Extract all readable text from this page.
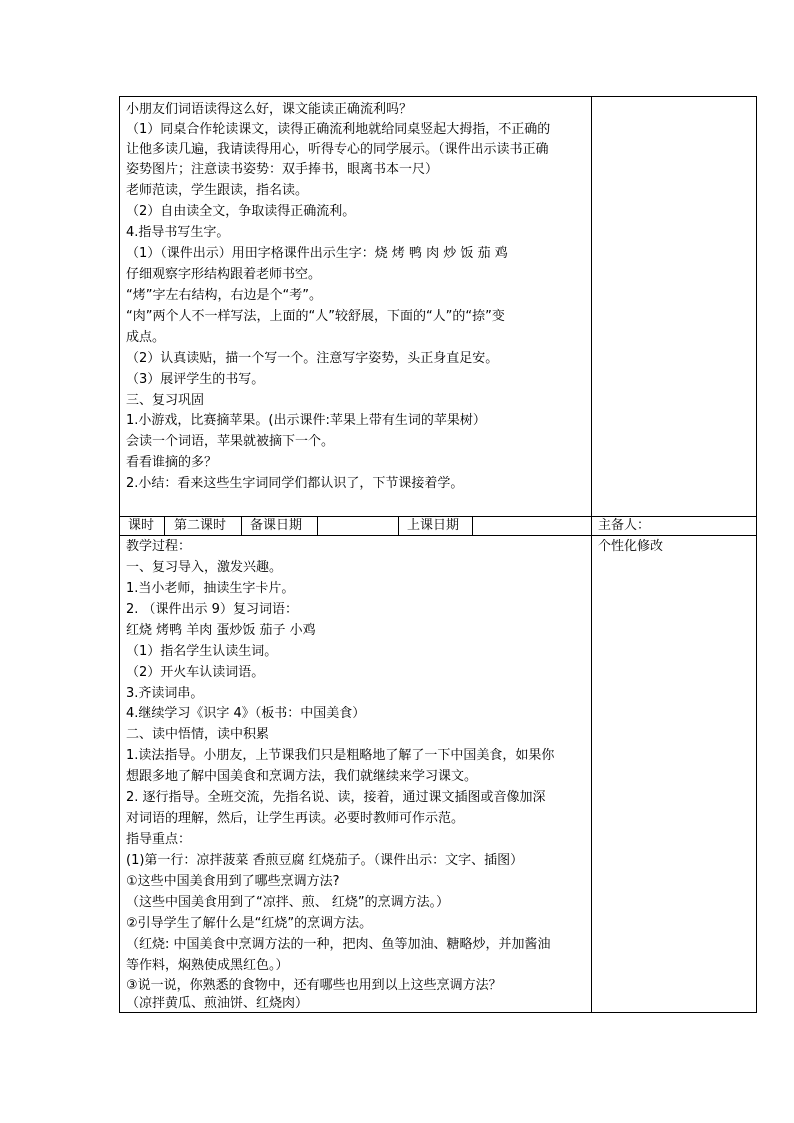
课时 第二课时 备课日期	上课日期	主备人：
个性化修改
小朋友们词语读得这么好，课文能读正确流利吗？
（1）同桌合作轮读课文，读得正确流利地就给同桌竖起大拇指，不正确的
让他多读几遍，我请读得用心，听得专心的同学展示。（课件出示读书正确
姿势图片；注意读书姿势：双手捧书，眼离书本一尺）
老师范读，学生跟读，指名读。
（2）自由读全文，争取读得正确流利。
4.指导书写生字。
（1）（课件出示）用田字格课件出示生字：烧 烤 鸭 肉 炒 饭 茄 鸡
仔细观察字形结构跟着老师书空。
“烤”字左右结构，右边是个“考”。
“肉”两个人不一样写法，上面的“人”较舒展，下面的“人”的“捺”变
成点。
（2）认真读贴，描一个写一个。注意写字姿势，头正身直足安。
（3）展评学生的书写。
三、复习巩固
1.小游戏，比赛摘苹果。(出示课件:苹果上带有生词的苹果树）
会读一个词语，苹果就被摘下一个。
看看谁摘的多？
2.小结：看来这些生字词同学们都认识了，下节课接着学。
教学过程：
一、复习导入，激发兴趣。
1.当小老师，抽读生字卡片。
2. （课件出示 9）复习词语：
红烧 烤鸭 羊肉 蛋炒饭 茄子 小鸡
（1）指名学生认读生词。
（2）开火车认读词语。
3.齐读词串。
4.继续学习《识字 4》（板书：中国美食）
二、读中悟情，读中积累
1.读法指导。小朋友，上节课我们只是粗略地了解了一下中国美食，如果你
想跟多地了解中国美食和烹调方法，我们就继续来学习课文。
2. 逐行指导。全班交流，先指名说、读，接着，通过课文插图或音像加深
对词语的理解，然后，让学生再读。必要时教师可作示范。
指导重点：
(1)第一行：凉拌菠菜 香煎豆腐 红烧茄子。（课件出示：文字、插图）
①这些中国美食用到了哪些烹调方法?
（这些中国美食用到了“凉拌、煎、 红烧”的烹调方法。）
②引导学生了解什么是“红烧”的烹调方法。
（红烧: 中国美食中烹调方法的一种，把肉、鱼等加油、糖略炒，并加酱油
等作料，焖熟使成黑红色。）
③说一说，你熟悉的食物中，还有哪些也用到以上这些烹调方法？
（凉拌黄瓜、煎油饼、红烧肉）
